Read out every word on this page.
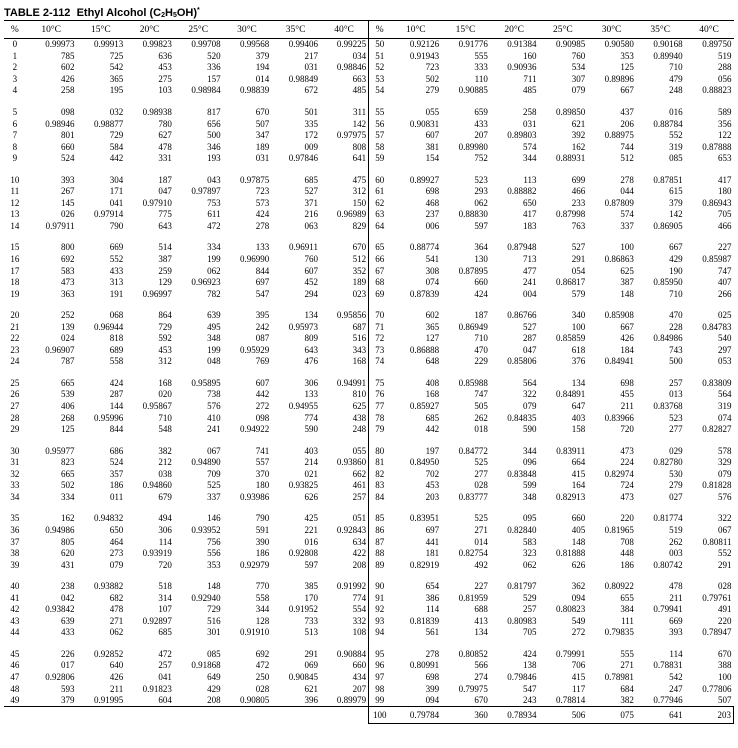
TABLE 2-112 Ethyl Alcohol (C2H5OH)*
%	10°C	15°C	20°C	25°C	30°C	35°C	40°C	%	10°C	15°C	20°C	25°C	30°C	35°C	40°C
0	0.99973	0.99913	0.99823	0.99708	0.99568	0.99406	0.99225	50	0.92126	0.91776	0.91384	0.90985	0.90580	0.90168	0.89750
1	785	725	636	520	379	217	034	51	0.91943	555	160	760	353	0.89940	519
2	602	542	453	336	194	031	0.98846	52	723	333	0.90936	534	125	710	288
3	426	365	275	157	014	0.98849	663	53	502	110	711	307	0.89896	479	056
4	258	195	103	0.98984	0.98839	672	485	54	279	0.90885	485	079	667	248	0.88823

5	098	032	0.98938	817	670	501	311	55	055	659	258	0.89850	437	016	589
6	0.98946	0.98877	780	656	507	335	142	56	0.90831	433	031	621	206	0.88784	356
7	801	729	627	500	347	172	0.97975	57	607	207	0.89803	392	0.88975	552	122
8	660	584	478	346	189	009	808	58	381	0.89980	574	162	744	319	0.87888
9	524	442	331	193	031	0.97846	641	59	154	752	344	0.88931	512	085	653

10	393	304	187	043	0.97875	685	475	60	0.89927	523	113	699	278	0.87851	417
11	267	171	047	0.97897	723	527	312	61	698	293	0.88882	466	044	615	180
12	145	041	0.97910	753	573	371	150	62	468	062	650	233	0.87809	379	0.86943
13	026	0.97914	775	611	424	216	0.96989	63	237	0.88830	417	0.87998	574	142	705
14	0.97911	790	643	472	278	063	829	64	006	597	183	763	337	0.86905	466

15	800	669	514	334	133	0.96911	670	65	0.88774	364	0.87948	527	100	667	227
16	692	552	387	199	0.96990	760	512	66	541	130	713	291	0.86863	429	0.85987
17	583	433	259	062	844	607	352	67	308	0.87895	477	054	625	190	747
18	473	313	129	0.96923	697	452	189	68	074	660	241	0.86817	387	0.85950	407
19	363	191	0.96997	782	547	294	023	69	0.87839	424	004	579	148	710	266

20	252	068	864	639	395	134	0.95856	70	602	187	0.86766	340	0.85908	470	025
21	139	0.96944	729	495	242	0.95973	687	71	365	0.86949	527	100	667	228	0.84783
22	024	818	592	348	087	809	516	72	127	710	287	0.85859	426	0.84986	540
23	0.96907	689	453	199	0.95929	643	343	73	0.86888	470	047	618	184	743	297
24	787	558	312	048	769	476	168	74	648	229	0.85806	376	0.84941	500	053

25	665	424	168	0.95895	607	306	0.94991	75	408	0.85988	564	134	698	257	0.83809
26	539	287	020	738	442	133	810	76	168	747	322	0.84891	455	013	564
27	406	144	0.95867	576	272	0.94955	625	77	0.85927	505	079	647	211	0.83768	319
28	268	0.95996	710	410	098	774	438	78	685	262	0.84835	403	0.83966	523	074
29	125	844	548	241	0.94922	590	248	79	442	018	590	158	720	277	0.82827

30	0.95977	686	382	067	741	403	055	80	197	0.84772	344	0.83911	473	029	578
31	823	524	212	0.94890	557	214	0.93860	81	0.84950	525	096	664	224	0.82780	329
32	665	357	038	709	370	021	662	82	702	277	0.83848	415	0.82974	530	079
33	502	186	0.94860	525	180	0.93825	461	83	453	028	599	164	724	279	0.81828
34	334	011	679	337	0.93986	626	257	84	203	0.83777	348	0.82913	473	027	576

35	162	0.94832	494	146	790	425	051	85	0.83951	525	095	660	220	0.81774	322
36	0.94986	650	306	0.93952	591	221	0.92843	86	697	271	0.82840	405	0.81965	519	067
37	805	464	114	756	390	016	634	87	441	014	583	148	708	262	0.80811
38	620	273	0.93919	556	186	0.92808	422	88	181	0.82754	323	0.81888	448	003	552
39	431	079	720	353	0.92979	597	208	89	0.82919	492	062	626	186	0.80742	291

40	238	0.93882	518	148	770	385	0.91992	90	654	227	0.81797	362	0.80922	478	028
41	042	682	314	0.92940	558	170	774	91	386	0.81959	529	094	655	211	0.79761
42	0.93842	478	107	729	344	0.91952	554	92	114	688	257	0.80823	384	0.79941	491
43	639	271	0.92897	516	128	733	332	93	0.81839	413	0.80983	549	111	669	220
44	433	062	685	301	0.91910	513	108	94	561	134	705	272	0.79835	393	0.78947

45	226	0.92852	472	085	692	291	0.90884	95	278	0.80852	424	0.79991	555	114	670
46	017	640	257	0.91868	472	069	660	96	0.80991	566	138	706	271	0.78831	388
47	0.92806	426	041	649	250	0.90845	434	97	698	274	0.79846	415	0.78981	542	100
48	593	211	0.91823	429	028	621	207	98	399	0.79975	547	117	684	247	0.77806
49	379	0.91995	604	208	0.90805	396	0.89979	99	094	670	243	0.78814	382	0.77946	507
								100	0.79784	360	0.78934	506	075	641	203
